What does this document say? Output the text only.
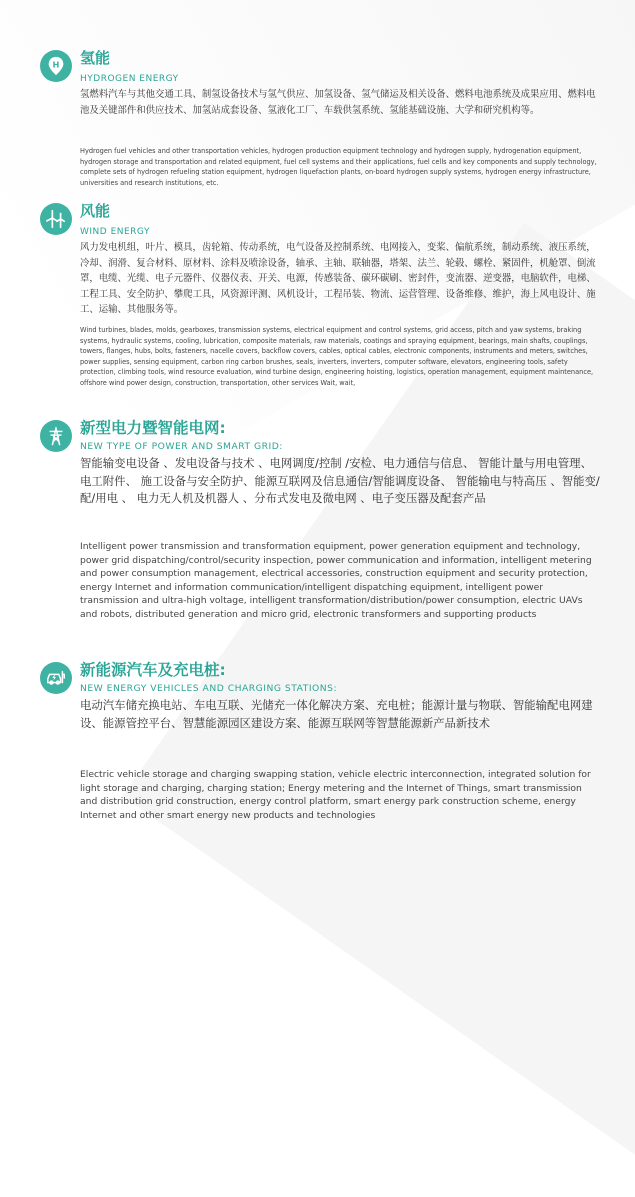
H 氢能
HYDROGEN ENERGY
氢燃料汽车与其他交通工具、制氢设备技术与氢气供应、加氢设备、氢气储运及相关设备、燃料电池系统及成果应用、燃料电池及关键部件和供应技术、加氢站成套设备、氢液化工厂、车载供氢系统、氢能基础设施、大学和研究机构等。
Hydrogen fuel vehicles and other transportation vehicles, hydrogen production equipment technology and hydrogen supply, hydrogenation equipment, hydrogen storage and transportation and related equipment, fuel cell systems and their applications, fuel cells and key components and supply technology, complete sets of hydrogen refueling station equipment, hydrogen liquefaction plants, on-board hydrogen supply systems, hydrogen energy infrastructure, universities and research institutions, etc.
风能
WIND ENERGY
风力发电机组，叶片、模具，齿轮箱、传动系统，电气设备及控制系统、电网接入，变桨、偏航系统，制动系统、液压系统，冷却、润滑、复合材料、原材料、涂料及喷涂设备，轴承、主轴、联轴器，塔架、法兰、轮毂、螺栓、紧固件，机舱罩、倒流罩，电缆、光缆、电子元器件、仪器仪表、开关、电源，传感装备、碳环碳刷、密封件，变流器、逆变器，电脑软件，电梯、工程工具、安全防护、攀爬工具，风资源评测、风机设计，工程吊装、物流、运营管理、设备维修、维护，海上风电设计、施工、运输、其他服务等。
Wind turbines, blades, molds, gearboxes, transmission systems, electrical equipment and control systems, grid access, pitch and yaw systems, braking systems, hydraulic systems, cooling, lubrication, composite materials, raw materials, coatings and spraying equipment, bearings, main shafts, couplings, towers, flanges, hubs, bolts, fasteners, nacelle covers, backflow covers, cables, optical cables, electronic components, instruments and meters, switches, power supplies, sensing equipment, carbon ring carbon brushes, seals, inverters, inverters, computer software, elevators, engineering tools, safety protection, climbing tools, wind resource evaluation, wind turbine design, engineering hoisting, logistics, operation management, equipment maintenance, offshore wind power design, construction, transportation, other services Wait, wait,
新型电力暨智能电网:
NEW TYPE OF POWER AND SMART GRID:
智能输变电设备 、发电设备与技术 、电网调度/控制 /安检、电力通信与信息、 智能计量与用电管理、 电工附件、 施工设备与安全防护、能源互联网及信息通信/智能调度设备、 智能输电与特高压 、智能变/配/用电 、 电力无人机及机器人 、分布式发电及微电网 、电子变压器及配套产品
Intelligent power transmission and transformation equipment, power generation equipment and technology, power grid dispatching/control/security inspection, power communication and information, intelligent metering and power consumption management, electrical accessories, construction equipment and security protection, energy Internet and information communication/intelligent dispatching equipment, intelligent power transmission and ultra-high voltage, intelligent transformation/distribution/power consumption, electric UAVs and robots, distributed generation and micro grid, electronic transformers and supporting products
新能源汽车及充电桩:
NEW ENERGY VEHICLES AND CHARGING STATIONS:
电动汽车储充换电站、车电互联、光储充一体化解决方案、充电桩；能源计量与物联、智能输配电网建设、能源管控平台、智慧能源园区建设方案、能源互联网等智慧能源新产品新技术
Electric vehicle storage and charging swapping station, vehicle electric interconnection, integrated solution for light storage and charging, charging station; Energy metering and the Internet of Things, smart transmission and distribution grid construction, energy control platform, smart energy park construction scheme, energy Internet and other smart energy new products and technologies
